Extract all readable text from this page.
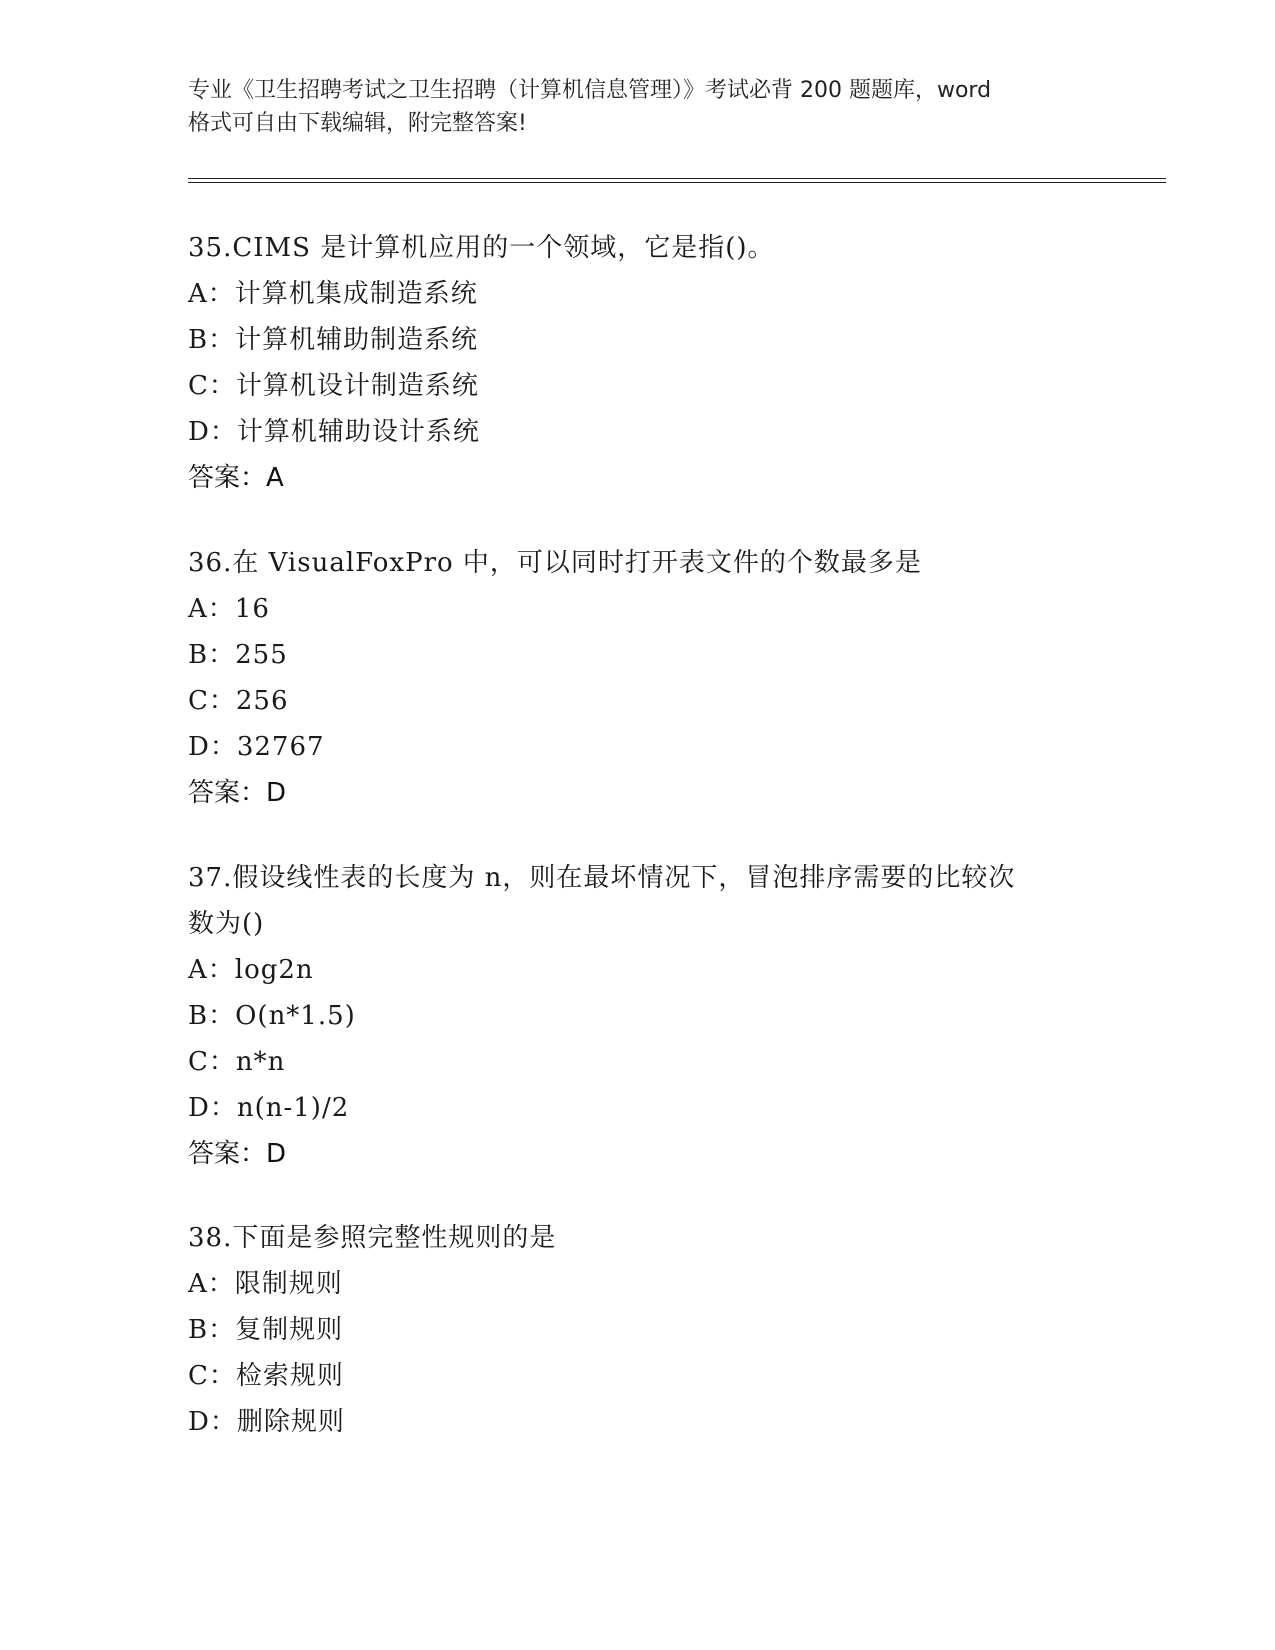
专业《卫生招聘考试之卫生招聘（计算机信息管理）》考试必背 200 题题库，word
格式可自由下载编辑，附完整答案!
35.CIMS 是计算机应用的一个领域，它是指()。
A：计算机集成制造系统
B：计算机辅助制造系统
C：计算机设计制造系统
D：计算机辅助设计系统
答案：A
36.在 VisualFoxPro 中，可以同时打开表文件的个数最多是
A：16
B：255
C：256
D：32767
答案：D
37.假设线性表的长度为 n，则在最坏情况下，冒泡排序需要的比较次
数为()
A：log2n
B：O(n*1.5)
C：n*n
D：n(n-1)/2
答案：D
38.下面是参照完整性规则的是
A：限制规则
B：复制规则
C：检索规则
D：删除规则
